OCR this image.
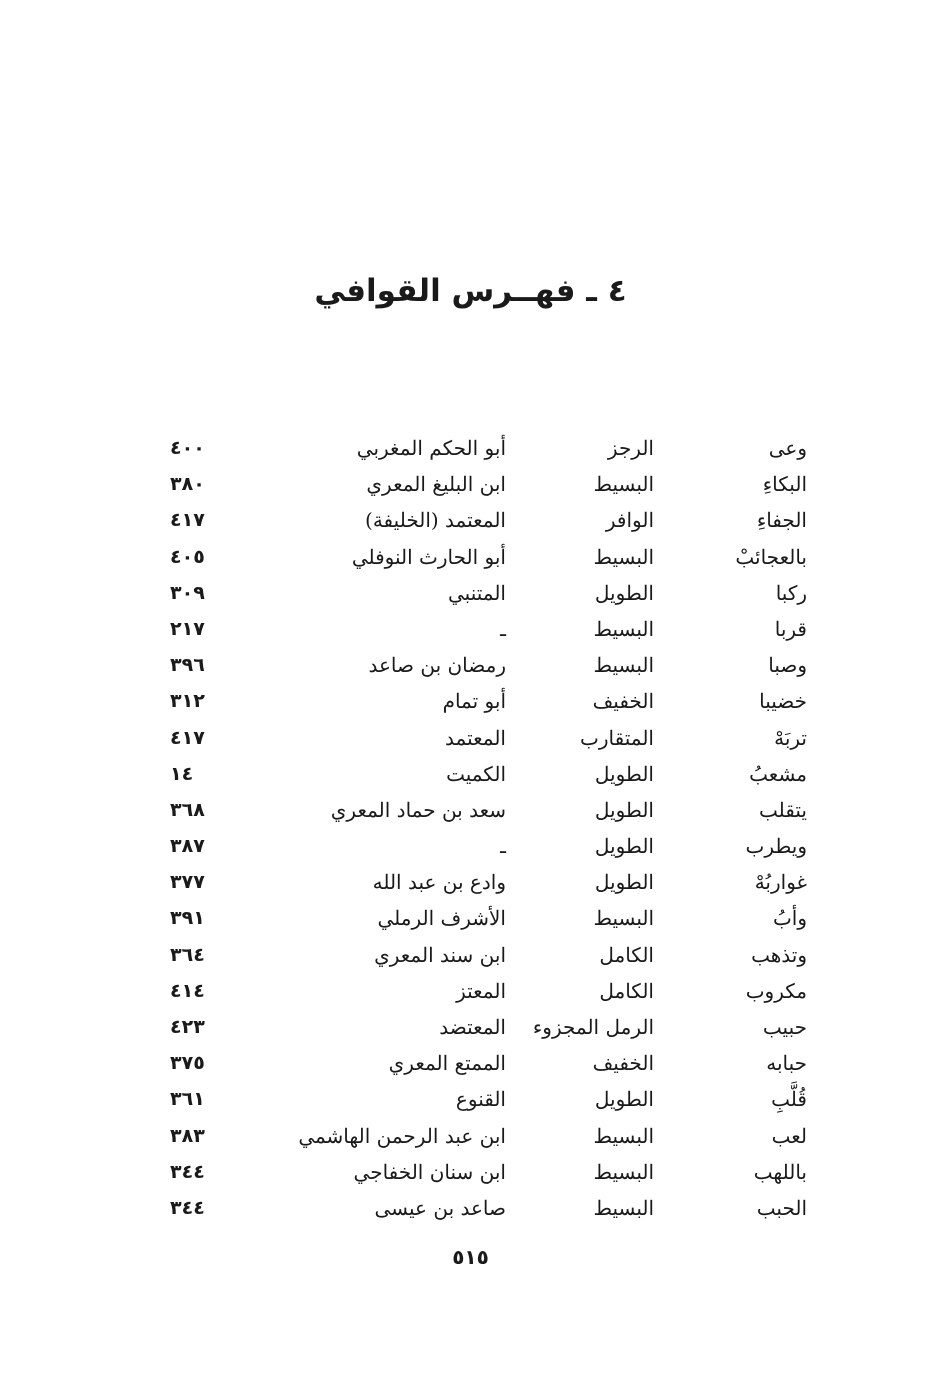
٤ ـ فهــرس القوافي
وعى
الرجز
أبو الحكم المغربي
٤٠٠
البكاءِ
البسيط
ابن البليغ المعري
٣٨٠
الجفاءِ
الوافر
المعتمد (الخليفة)
٤١٧
بالعجائبْ
البسيط
أبو الحارث النوفلي
٤٠٥
ركبا
الطويل
المتنبي
٣٠٩
قربا
البسيط
ـ
٢١٧
وصبا
البسيط
رمضان بن صاعد
٣٩٦
خضيبا
الخفيف
أبو تمام
٣١٢
تربَهْ
المتقارب
المعتمد
٤١٧
مشعبُ
الطويل
الكميت
١٤
يتقلب
الطويل
سعد بن حماد المعري
٣٦٨
ويطرب
الطويل
ـ
٣٨٧
غواربُهْ
الطويل
وادع بن عبد الله
٣٧٧
وأبُ
البسيط
الأشرف الرملي
٣٩١
وتذهب
الكامل
ابن سند المعري
٣٦٤
مكروب
الكامل
المعتز
٤١٤
حبيب
الرمل المجزوء
المعتضد
٤٢٣
حبابه
الخفيف
الممتع المعري
٣٧٥
قُلَّبِ
الطويل
القنوع
٣٦١
لعب
البسيط
ابن عبد الرحمن الهاشمي
٣٨٣
باللهب
البسيط
ابن سنان الخفاجي
٣٤٤
الحبب
البسيط
صاعد بن عيسى
٣٤٤
٥١٥
